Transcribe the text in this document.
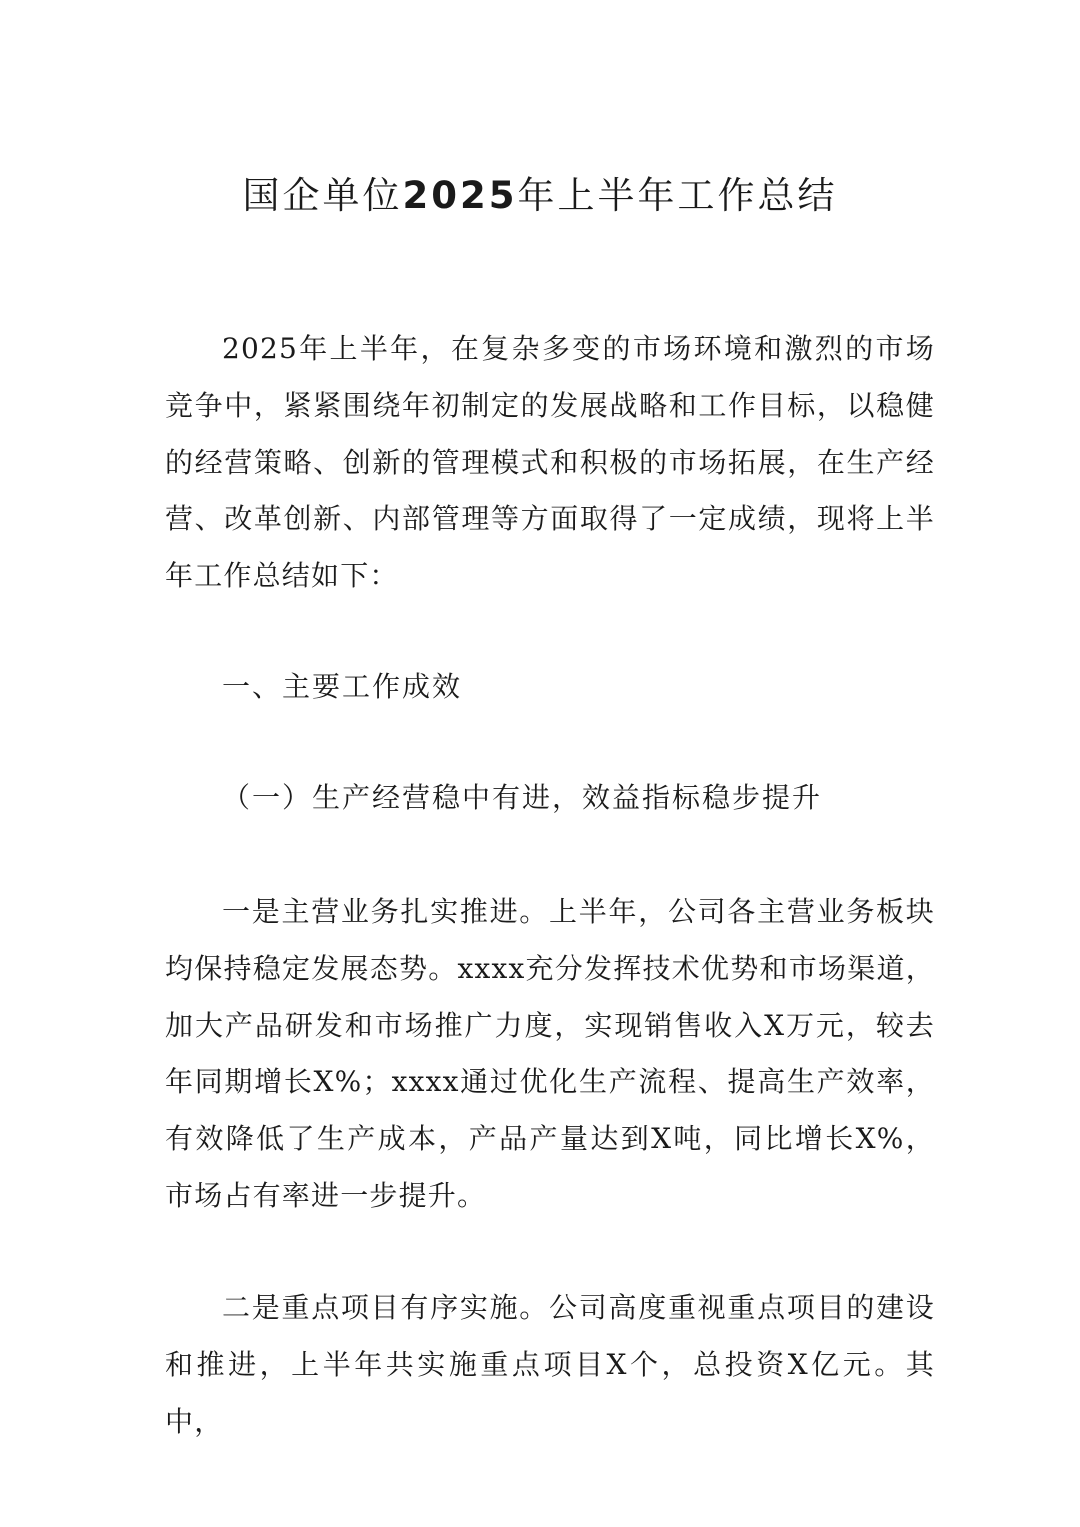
国企单位2025年上半年工作总结
2025年上半年，在复杂多变的市场环境和激烈的市场竞争中，紧紧围绕年初制定的发展战略和工作目标，以稳健的经营策略、创新的管理模式和积极的市场拓展，在生产经营、改革创新、内部管理等方面取得了一定成绩，现将上半年工作总结如下：
一、主要工作成效
（一）生产经营稳中有进，效益指标稳步提升
一是主营业务扎实推进。上半年，公司各主营业务板块均保持稳定发展态势。xxxx充分发挥技术优势和市场渠道，加大产品研发和市场推广力度，实现销售收入X万元，较去年同期增长X%；xxxx通过优化生产流程、提高生产效率，有效降低了生产成本，产品产量达到X吨，同比增长X%，市场占有率进一步提升。
二是重点项目有序实施。公司高度重视重点项目的建设和推进，上半年共实施重点项目X个，总投资X亿元。其中，
